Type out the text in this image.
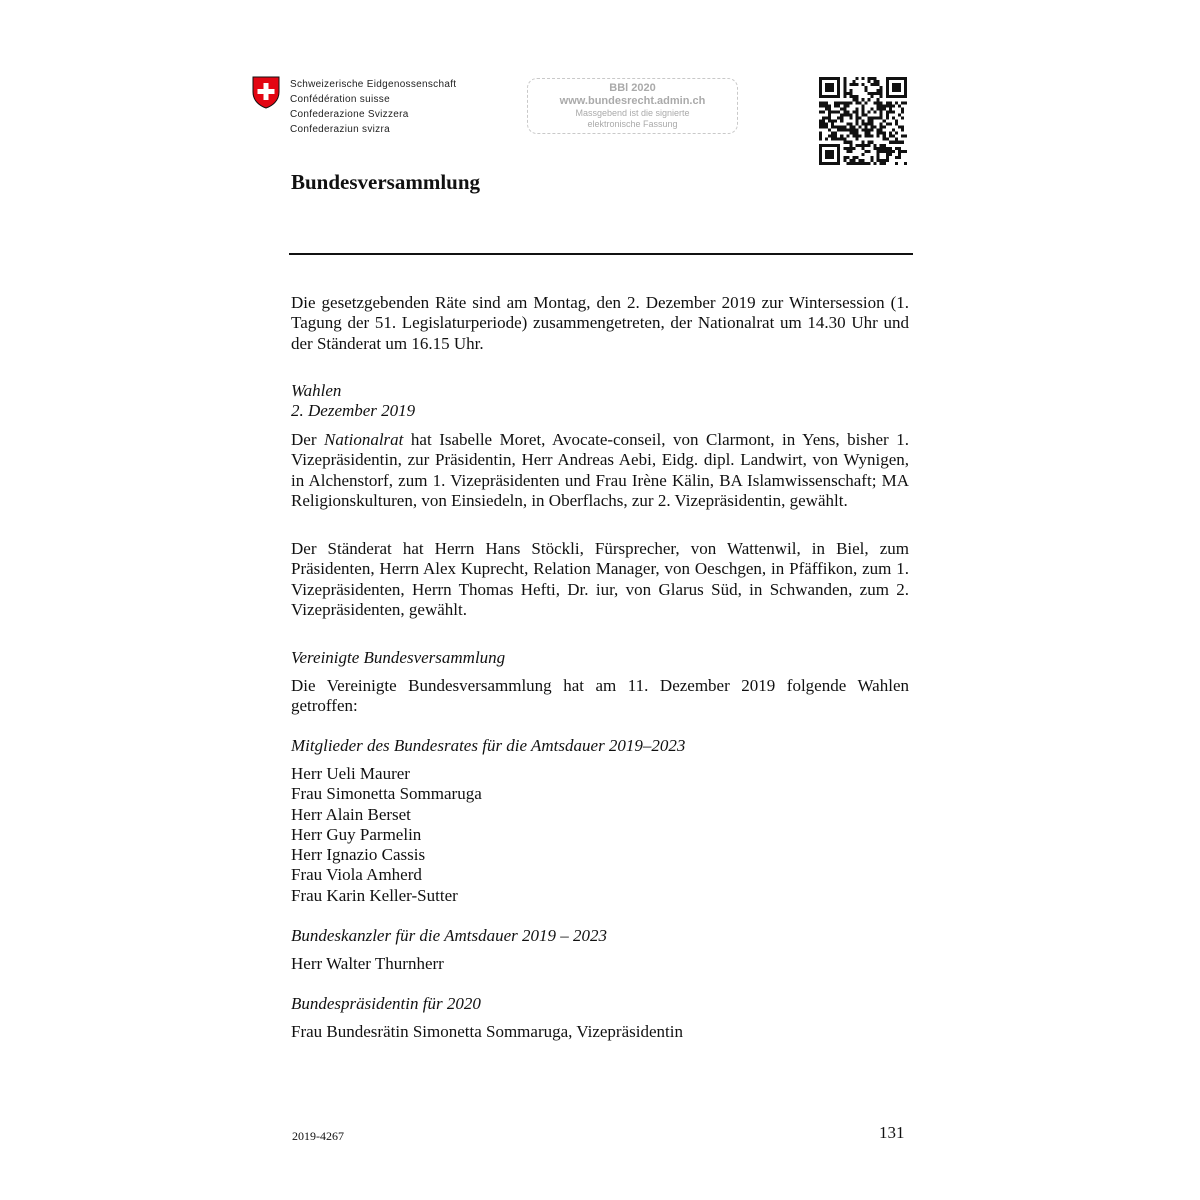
Schweizerische Eidgenossenschaft
Confédération suisse
Confederazione Svizzera
Confederaziun svizra
BBl 2020
www.bundesrecht.admin.ch
Massgebend ist die signierte
elektronische Fassung
Bundesversammlung
Die gesetzgebenden Räte sind am Montag, den 2. Dezember 2019 zur Wintersession (1. Tagung der 51. Legislaturperiode) zusammengetreten, der Nationalrat um 14.30 Uhr und der Ständerat um 16.15 Uhr.
Wahlen
2. Dezember 2019
Der Nationalrat hat Isabelle Moret, Avocate-conseil, von Clarmont, in Yens, bisher 1. Vizepräsidentin, zur Präsidentin, Herr Andreas Aebi, Eidg. dipl. Landwirt, von Wynigen, in Alchenstorf, zum 1. Vizepräsidenten und Frau Irène Kälin, BA Islamwissenschaft; MA Religionskulturen, von Einsiedeln, in Oberflachs, zur 2. Vizepräsidentin, gewählt.
Der Ständerat hat Herrn Hans Stöckli, Fürsprecher, von Wattenwil, in Biel, zum Präsidenten, Herrn Alex Kuprecht, Relation Manager, von Oeschgen, in Pfäffikon, zum 1. Vizepräsidenten, Herrn Thomas Hefti, Dr. iur, von Glarus Süd, in Schwanden, zum 2. Vizepräsidenten, gewählt.
Vereinigte Bundesversammlung
Die Vereinigte Bundesversammlung hat am 11. Dezember 2019 folgende Wahlen getroffen:
Mitglieder des Bundesrates für die Amtsdauer 2019–2023
Herr Ueli Maurer
Frau Simonetta Sommaruga
Herr Alain Berset
Herr Guy Parmelin
Herr Ignazio Cassis
Frau Viola Amherd
Frau Karin Keller-Sutter
Bundeskanzler für die Amtsdauer 2019 – 2023
Herr Walter Thurnherr
Bundespräsidentin für 2020
Frau Bundesrätin Simonetta Sommaruga, Vizepräsidentin
2019-4267	131
